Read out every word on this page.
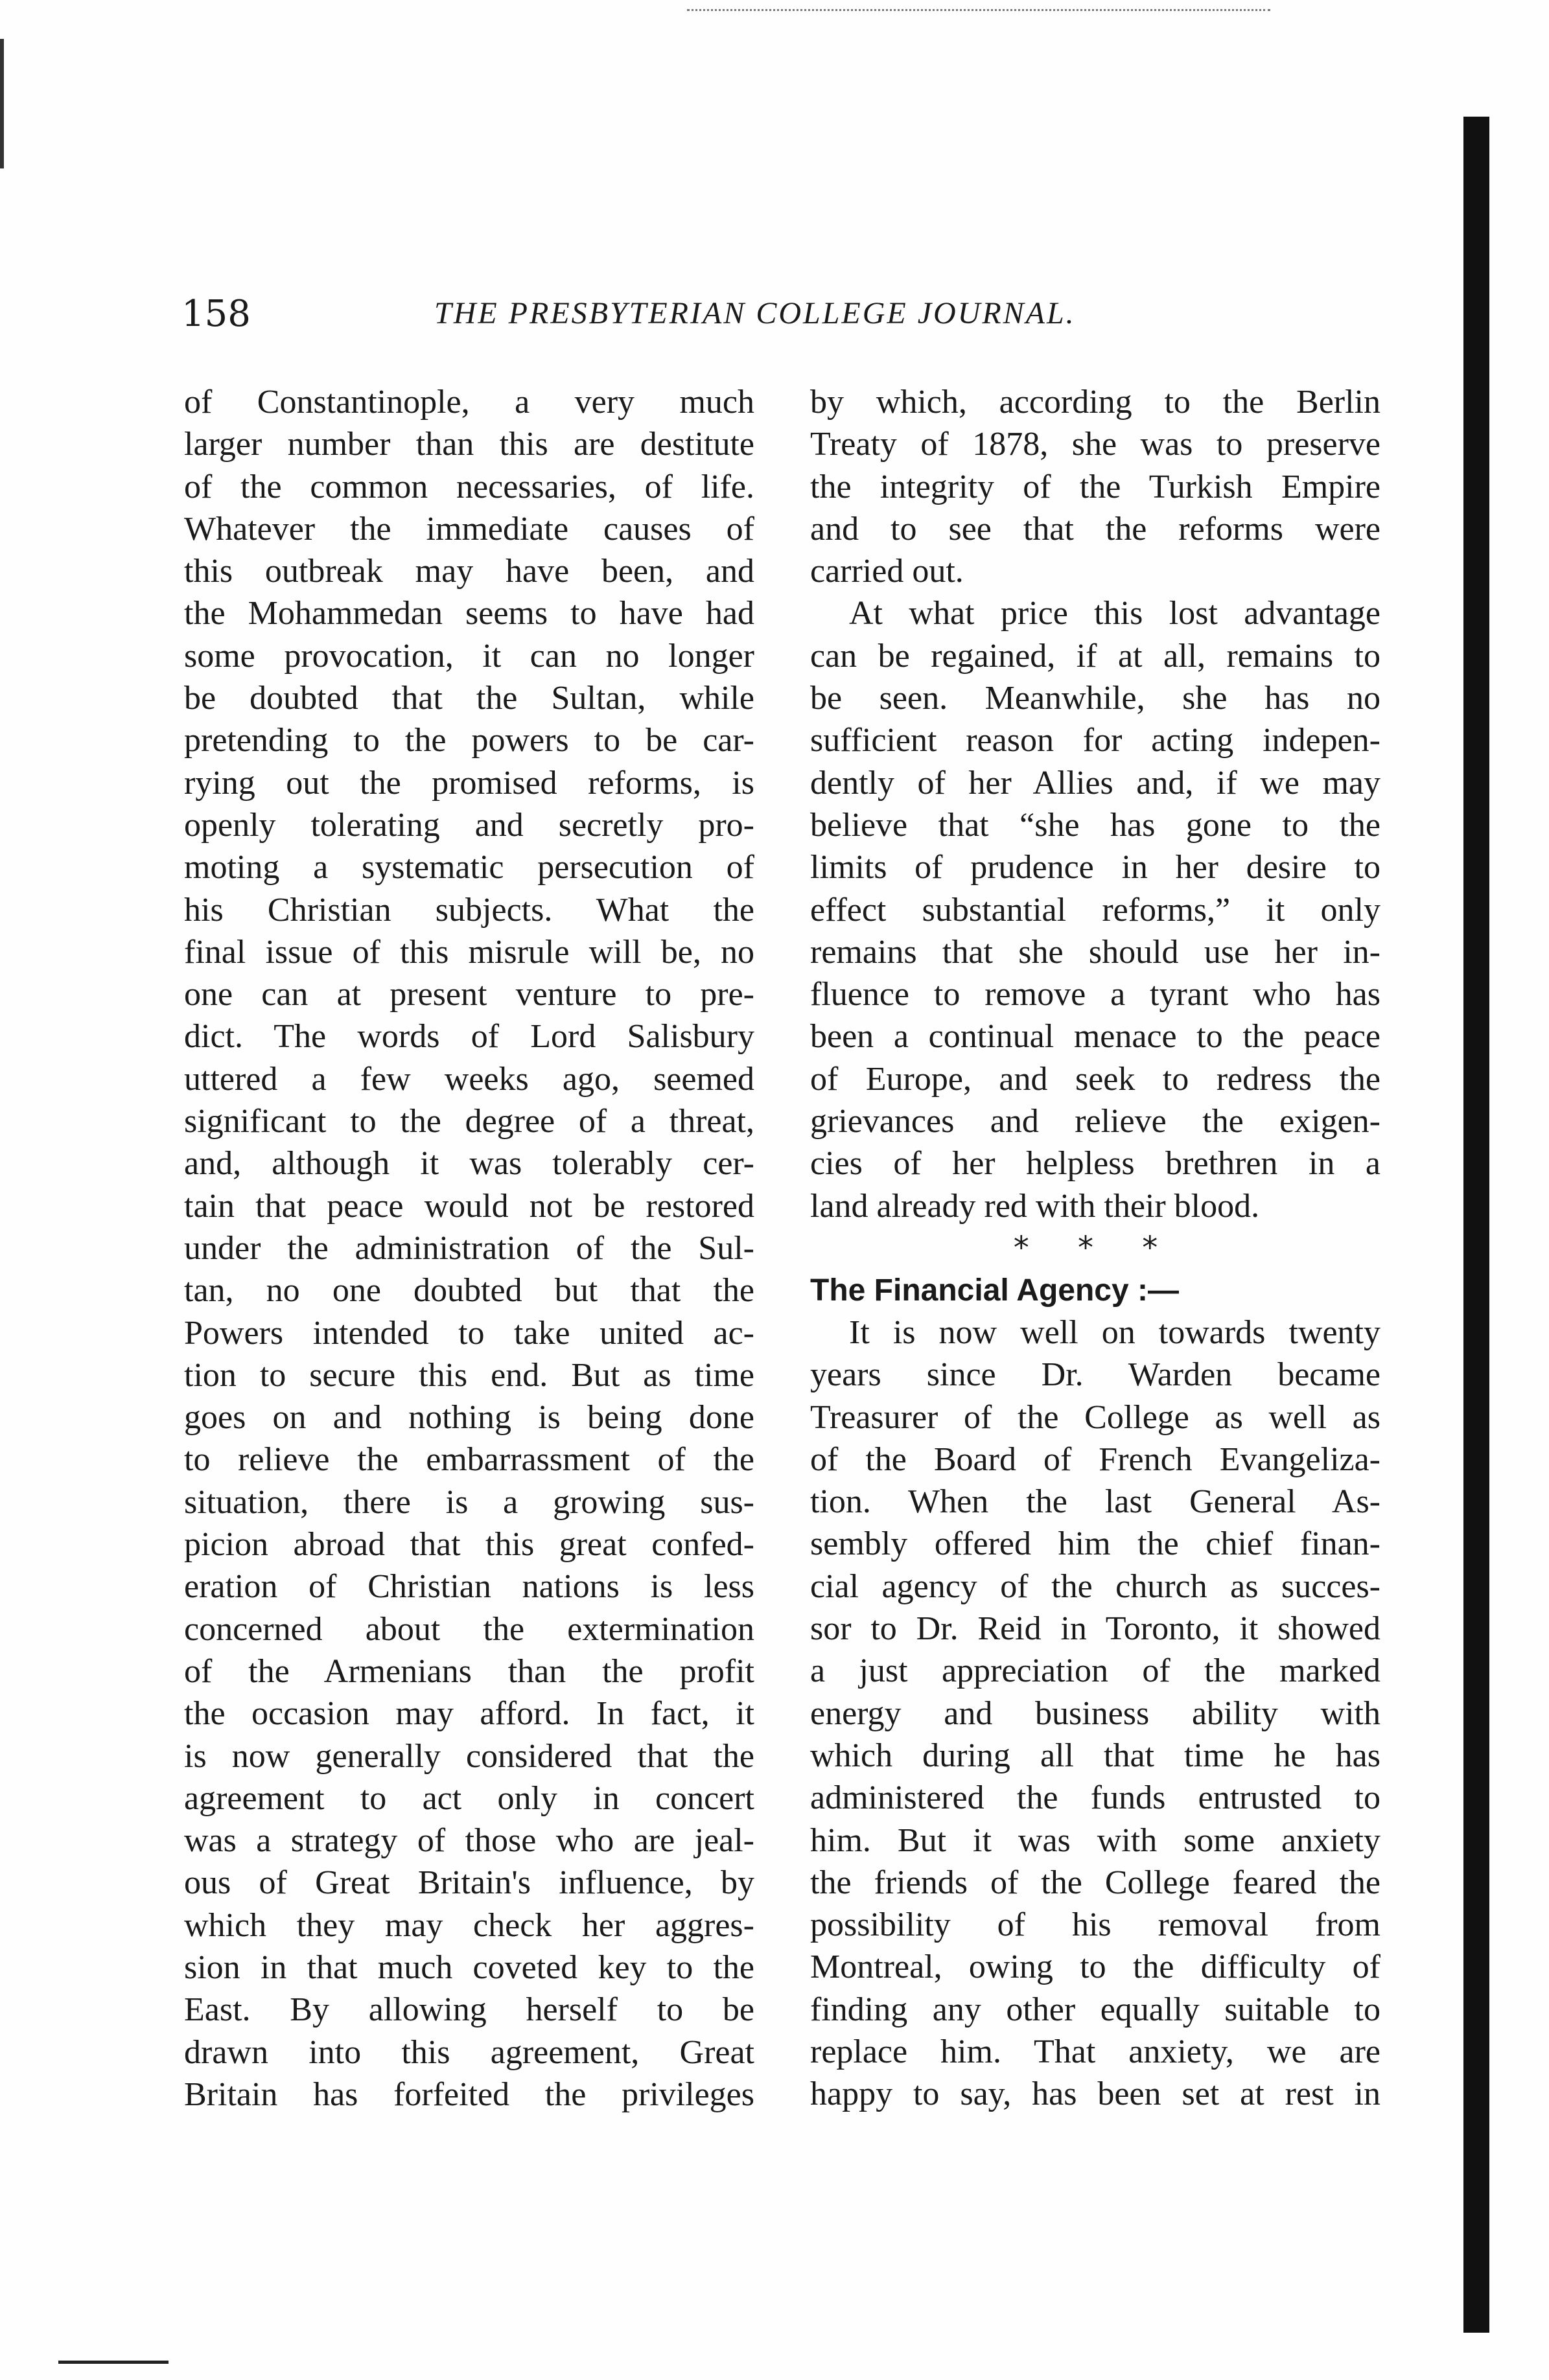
158	THE PRESBYTERIAN COLLEGE JOURNAL.
of Constantinople, a very much
larger number than this are destitute
of the common necessaries, of life.
Whatever the immediate causes of
this outbreak may have been, and
the Mohammedan seems to have had
some provocation, it can no longer
be doubted that the Sultan, while
pretending to the powers to be car-
rying out the promised reforms, is
openly tolerating and secretly pro-
moting a systematic persecution of
his Christian subjects. What the
final issue of this misrule will be, no
one can at present venture to pre-
dict. The words of Lord Salisbury
uttered a few weeks ago, seemed
significant to the degree of a threat,
and, although it was tolerably cer-
tain that peace would not be restored
under the administration of the Sul-
tan, no one doubted but that the
Powers intended to take united ac-
tion to secure this end. But as time
goes on and nothing is being done
to relieve the embarrassment of the
situation, there is a growing sus-
picion abroad that this great confed-
eration of Christian nations is less
concerned about the extermination
of the Armenians than the profit
the occasion may afford. In fact, it
is now generally considered that the
agreement to act only in concert
was a strategy of those who are jeal-
ous of Great Britain's influence, by
which they may check her aggres-
sion in that much coveted key to the
East. By allowing herself to be
drawn into this agreement, Great
Britain has forfeited the privileges
by which, according to the Berlin
Treaty of 1878, she was to preserve
the integrity of the Turkish Empire
and to see that the reforms were
carried out.
At what price this lost advantage
can be regained, if at all, remains to
be seen. Meanwhile, she has no
sufficient reason for acting indepen-
dently of her Allies and, if we may
believe that “she has gone to the
limits of prudence in her desire to
effect substantial reforms,” it only
remains that she should use her in-
fluence to remove a tyrant who has
been a continual menace to the peace
of Europe, and seek to redress the
grievances and relieve the exigen-
cies of her helpless brethren in a
land already red with their blood.
* * *
The Financial Agency :—
It is now well on towards twenty
years since Dr. Warden became
Treasurer of the College as well as
of the Board of French Evangeliza-
tion. When the last General As-
sembly offered him the chief finan-
cial agency of the church as succes-
sor to Dr. Reid in Toronto, it showed
a just appreciation of the marked
energy and business ability with
which during all that time he has
administered the funds entrusted to
him. But it was with some anxiety
the friends of the College feared the
possibility of his removal from
Montreal, owing to the difficulty of
finding any other equally suitable to
replace him. That anxiety, we are
happy to say, has been set at rest in
